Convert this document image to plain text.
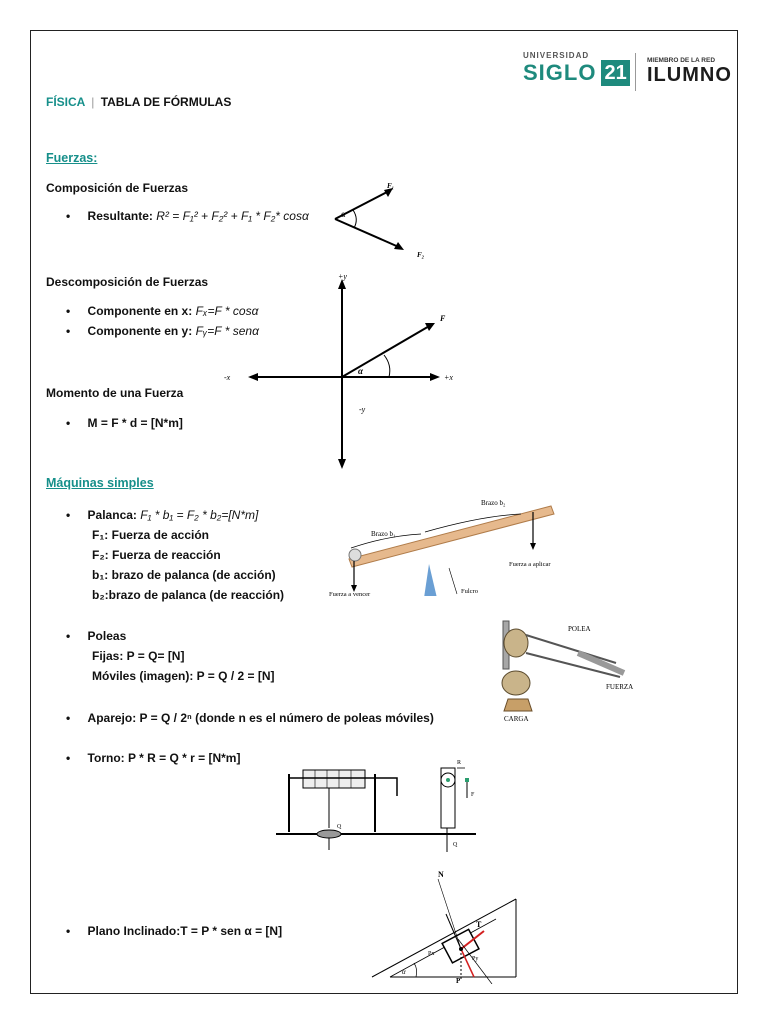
UNIVERSIDAD
SIGLO 21
MIEMBRO DE LA RED
ILUMNO
FÍSICA | TABLA DE FÓRMULAS
Fuerzas:
Composición de Fuerzas
• Resultante: R² = F₁² + F₂² + F₁ * F₂* cosα	α
F₁
F₂
Descomposición de Fuerzas
• Componente en x: Fₓ=F * cosα
• Componente en y: Fᵧ=F * senα
α
+y
-y
+x
-x
F
Momento de una Fuerza
• M = F * d = [N*m]
Máquinas simples
• Palanca: F₁ * b₁ = F₂ * b₂=[N*m]
F₁: Fuerza de acción
F₂: Fuerza de reacción
b₁: brazo de palanca (de acción)
b₂:brazo de palanca (de reacción)
Brazo b₁
Brazo b₂
Fuerza a aplicar
Fulcro
Fuerza a vencer
• Poleas
Fijas: P = Q= [N]
Móviles (imagen): P = Q / 2 = [N]
POLEA
FUERZA
CARGA
• Aparejo: P = Q / 2ⁿ (donde n es el número de poleas móviles)
• Torno: P * R = Q * r = [N*m]
Q
Q
F
R
• Plano Inclinado:T = P * sen α = [N]
α
N
T
P
Px
Py
